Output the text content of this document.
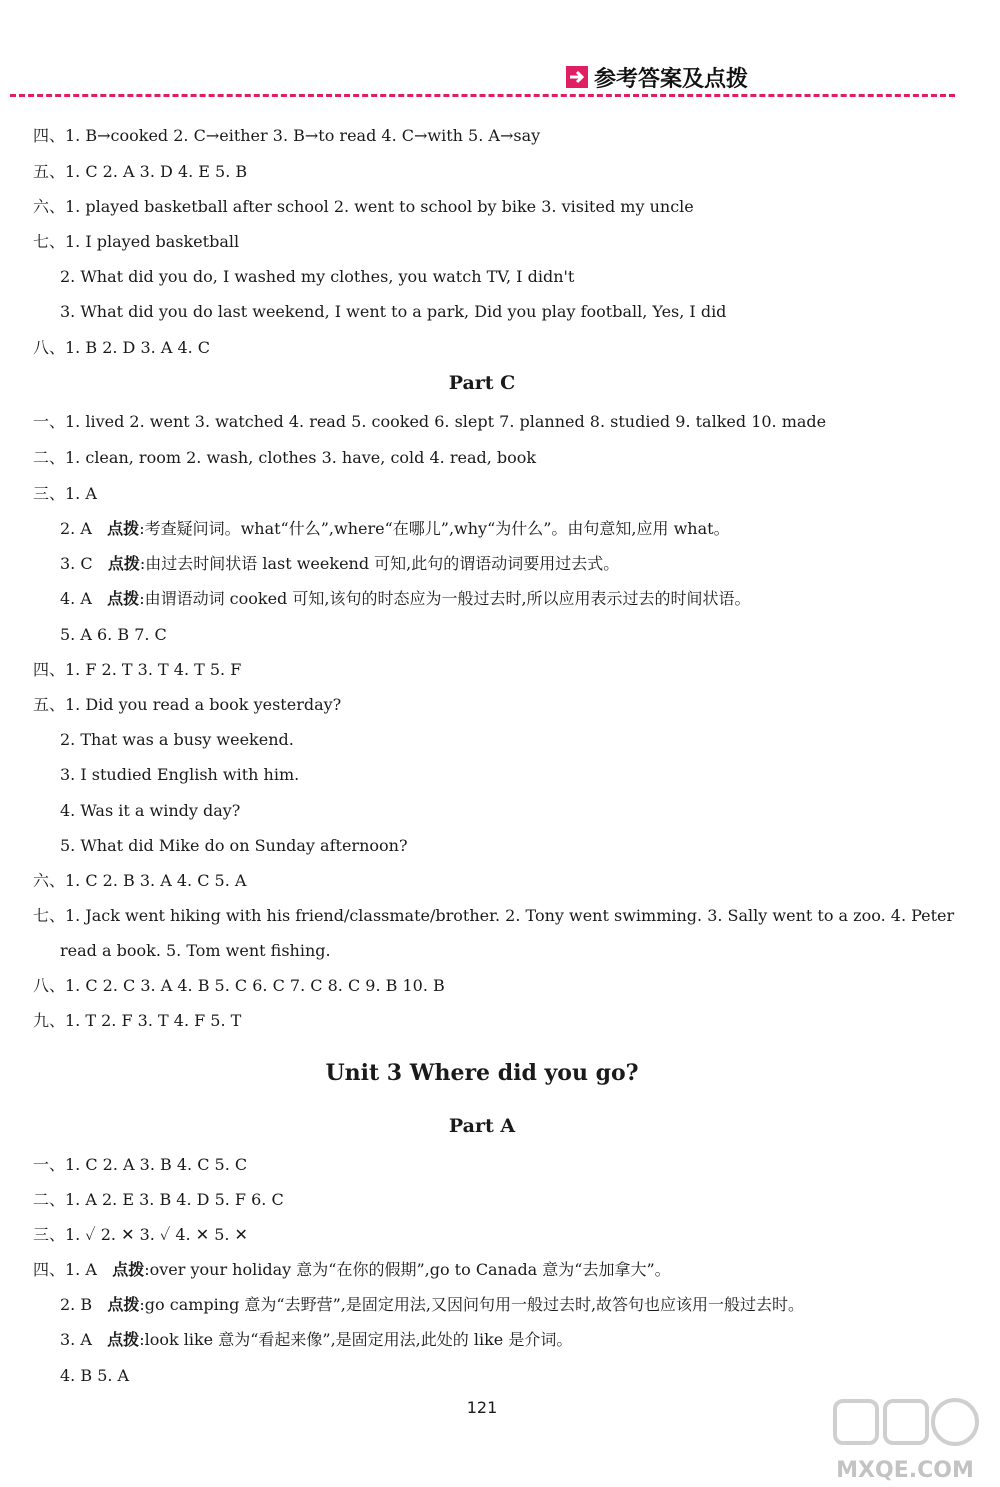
参考答案及点拨
四、1. B→cooked 2. C→either 3. B→to read 4. C→with 5. A→say
五、1. C 2. A 3. D 4. E 5. B
六、1. played basketball after school 2. went to school by bike 3. visited my uncle
七、1. I played basketball
2. What did you do, I washed my clothes, you watch TV, I didn't
3. What did you do last weekend, I went to a park, Did you play football, Yes, I did
八、1. B 2. D 3. A 4. C
Part C
一、1. lived 2. went 3. watched 4. read 5. cooked 6. slept 7. planned 8. studied 9. talked 10. made
二、1. clean, room 2. wash, clothes 3. have, cold 4. read, book
三、1. A
2. A 点拨:考查疑问词。what“什么”,where“在哪儿”,why“为什么”。由句意知,应用 what。
3. C 点拨:由过去时间状语 last weekend 可知,此句的谓语动词要用过去式。
4. A 点拨:由谓语动词 cooked 可知,该句的时态应为一般过去时,所以应用表示过去的时间状语。
5. A 6. B 7. C
四、1. F 2. T 3. T 4. T 5. F
五、1. Did you read a book yesterday?
2. That was a busy weekend.
3. I studied English with him.
4. Was it a windy day?
5. What did Mike do on Sunday afternoon?
六、1. C 2. B 3. A 4. C 5. A
七、1. Jack went hiking with his friend/classmate/brother. 2. Tony went swimming. 3. Sally went to a zoo. 4. Peter
read a book. 5. Tom went fishing.
八、1. C 2. C 3. A 4. B 5. C 6. C 7. C 8. C 9. B 10. B
九、1. T 2. F 3. T 4. F 5. T
Unit 3 Where did you go?
Part A
一、1. C 2. A 3. B 4. C 5. C
二、1. A 2. E 3. B 4. D 5. F 6. C
三、1. ✓ 2. ✕ 3. ✓ 4. ✕ 5. ✕
四、1. A 点拨:over your holiday 意为“在你的假期”,go to Canada 意为“去加拿大”。
2. B 点拨:go camping 意为“去野营”,是固定用法,又因问句用一般过去时,故答句也应该用一般过去时。
3. A 点拨:look like 意为“看起来像”,是固定用法,此处的 like 是介词。
4. B 5. A
121
MXQE.COM
